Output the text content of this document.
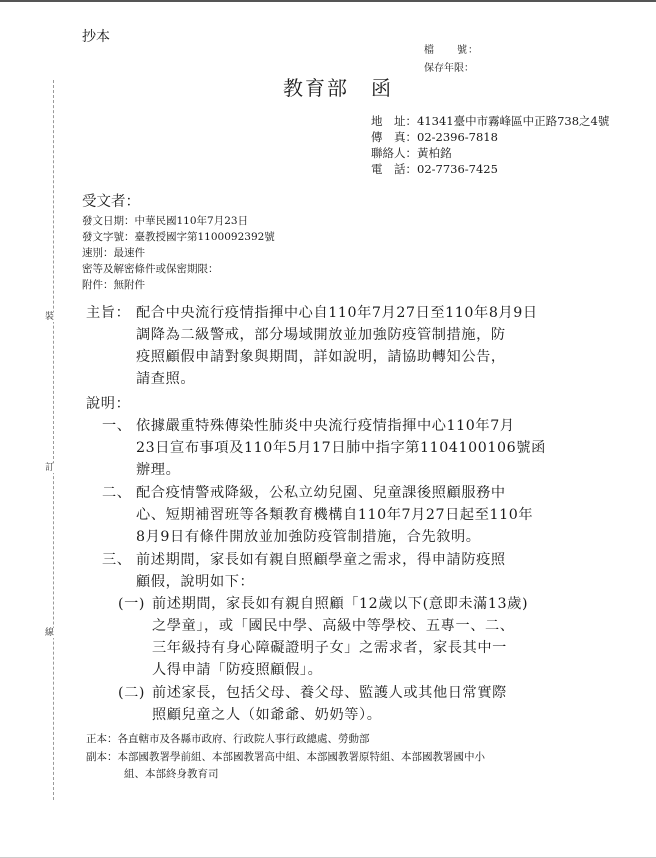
裝
訂
線
抄本
檔　　號：
保存年限：
教育部　函
地　址：41341臺中市霧峰區中正路738之4號
傳　真：02-2396-7818
聯絡人：黃柏銘
電　話：02-7736-7425
受文者：
發文日期：中華民國110年7月23日
發文字號：臺教授國字第1100092392號
速別：最速件
密等及解密條件或保密期限：
附件：無附件
主旨： 配合中央流行疫情指揮中心自110年7月27日至110年8月9日
調降為二級警戒，部分場域開放並加強防疫管制措施，防
疫照顧假申請對象與期間，詳如說明，請協助轉知公告，
請查照。
說明：
一、 依據嚴重特殊傳染性肺炎中央流行疫情指揮中心110年7月
23日宣布事項及110年5月17日肺中指字第1104100106號函
辦理。
二、 配合疫情警戒降級，公私立幼兒園、兒童課後照顧服務中
心、短期補習班等各類教育機構自110年7月27日起至110年
8月9日有條件開放並加強防疫管制措施，合先敘明。
三、 前述期間，家長如有親自照顧學童之需求，得申請防疫照
顧假，說明如下：
(一) 前述期間，家長如有親自照顧「12歲以下(意即未滿13歲)
之學童」，或「國民中學、高級中等學校、五專一、二、
三年級持有身心障礙證明子女」之需求者，家長其中一
人得申請「防疫照顧假」。
(二) 前述家長，包括父母、養父母、監護人或其他日常實際
照顧兒童之人（如爺爺、奶奶等）。
正本：各直轄市及各縣市政府、行政院人事行政總處、勞動部
副本：本部國教署學前組、本部國教署高中組、本部國教署原特組、本部國教署國中小
組、本部終身教育司
